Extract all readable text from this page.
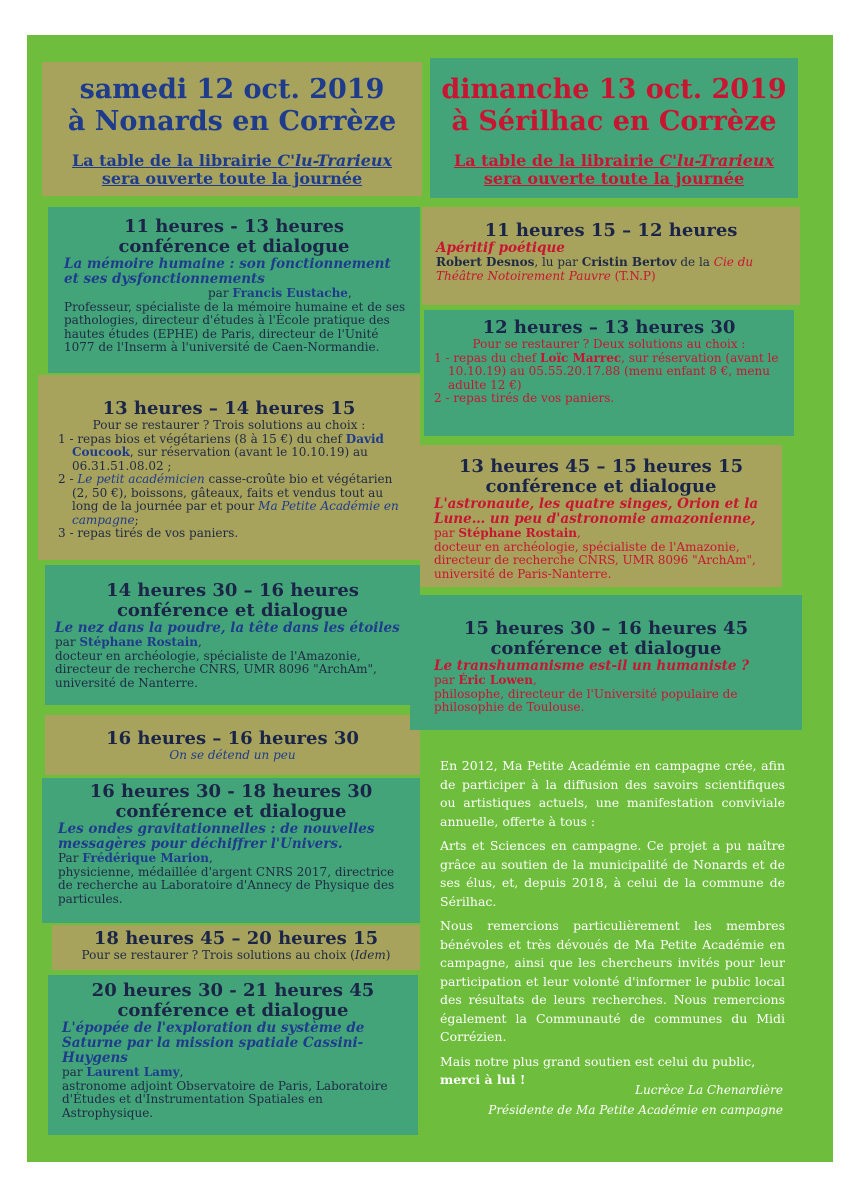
samedi 12 oct. 2019
à Nonards en Corrèze
La table de la librairie C'lu-Trarieux
sera ouverte toute la journée
11 heures - 13 heures
conférence et dialogue
La mémoire humaine : son fonctionnement et ses dysfonctionnements
par Francis Eustache,
Professeur, spécialiste de la mémoire humaine et de ses pathologies, directeur d'études à l'École pratique des hautes études (EPHE) de Paris, directeur de l'Unité 1077 de l'Inserm à l'université de Caen-Normandie.
13 heures – 14 heures 15
Pour se restaurer ? Trois solutions au choix :
1 - repas bios et végétariens (8 à 15 €) du chef David Coucook, sur réservation (avant le 10.10.19) au 06.31.51.08.02 ;
2 - Le petit académicien casse-croûte bio et végétarien (2, 50 €), boissons, gâteaux, faits et vendus tout au long de la journée par et pour Ma Petite Académie en campagne;
3 - repas tirés de vos paniers.
14 heures 30 – 16 heures
conférence et dialogue
Le nez dans la poudre, la tête dans les étoiles
par Stéphane Rostain,
docteur en archéologie, spécialiste de l'Amazonie, directeur de recherche CNRS, UMR 8096 "ArchAm", université de Nanterre.
16 heures – 16 heures 30
On se détend un peu
16 heures 30 - 18 heures 30
conférence et dialogue
Les ondes gravitationnelles : de nouvelles messagères pour déchiffrer l'Univers.
Par Frédérique Marion,
physicienne, médaillée d'argent CNRS 2017, directrice de recherche au Laboratoire d'Annecy de Physique des particules.
18 heures 45 – 20 heures 15
Pour se restaurer ? Trois solutions au choix (Idem)
20 heures 30 - 21 heures 45
conférence et dialogue
L'épopée de l'exploration du système de Saturne par la mission spatiale Cassini-Huygens
par Laurent Lamy,
astronome adjoint Observatoire de Paris, Laboratoire d'Études et d'Instrumentation Spatiales en Astrophysique.
dimanche 13 oct. 2019
à Sérilhac en Corrèze
La table de la librairie C'lu-Trarieux
sera ouverte toute la journée
11 heures 15 – 12 heures
Apéritif poétique
Robert Desnos, lu par Cristin Bertov de la Cie du Théâtre Notoirement Pauvre (T.N.P)
12 heures – 13 heures 30
Pour se restaurer ? Deux solutions au choix :
1 - repas du chef Loïc Marrec, sur réservation (avant le 10.10.19) au 05.55.20.17.88 (menu enfant 8 €, menu adulte 12 €)
2 - repas tirés de vos paniers.
13 heures 45 – 15 heures 15
conférence et dialogue
L'astronaute, les quatre singes, Orion et la Lune… un peu d'astronomie amazonienne,
par Stéphane Rostain,
docteur en archéologie, spécialiste de l'Amazonie, directeur de recherche CNRS, UMR 8096 "ArchAm", université de Paris-Nanterre.
15 heures 30 – 16 heures 45
conférence et dialogue
Le transhumanisme est-il un humaniste ?
par Éric Lowen,
philosophe, directeur de l'Université populaire de philosophie de Toulouse.

En 2012, Ma Petite Académie en campagne crée, afin de participer à la diffusion des savoirs scientifiques ou artistiques actuels, une manifestation conviviale annuelle, offerte à tous :

Arts et Sciences en campagne. Ce projet a pu naître grâce au soutien de la municipalité de Nonards et de ses élus, et, depuis 2018, à celui de la commune de Sérilhac.

Nous remercions particulièrement les membres bénévoles et très dévoués de Ma Petite Académie en campagne, ainsi que les chercheurs invités pour leur participation et leur volonté d'informer le public local des résultats de leurs recherches. Nous remercions également la Communauté de communes du Midi Corrézien.

Mais notre plus grand soutien est celui du public,
merci à lui !

Lucrèce La Chenardière
Présidente de Ma Petite Académie en campagne
